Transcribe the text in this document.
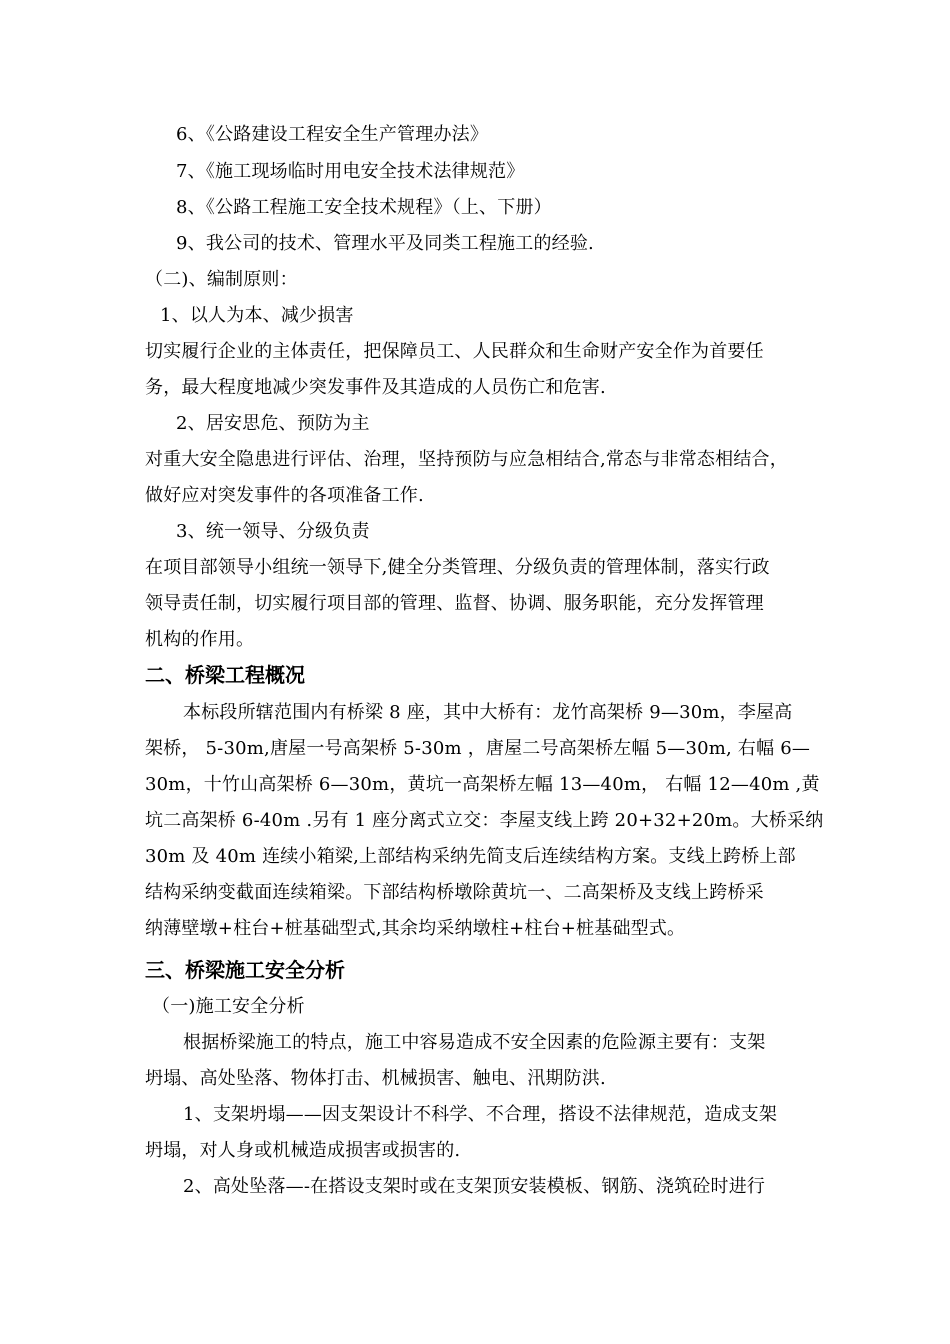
6、《公路建设工程安全生产管理办法》
7、《施工现场临时用电安全技术法律规范》
8、《公路工程施工安全技术规程》（上、下册）
9、我公司的技术、管理水平及同类工程施工的经验.
（二)、编制原则：
1、以人为本、减少损害
切实履行企业的主体责任，把保障员工、人民群众和生命财产安全作为首要任
务，最大程度地减少突发事件及其造成的人员伤亡和危害.
2、居安思危、预防为主
对重大安全隐患进行评估、治理，坚持预防与应急相结合,常态与非常态相结合，
做好应对突发事件的各项准备工作.
3、统一领导、分级负责
在项目部领导小组统一领导下,健全分类管理、分级负责的管理体制，落实行政
领导责任制，切实履行项目部的管理、监督、协调、服务职能，充分发挥管理
机构的作用。
二、桥梁工程概况
本标段所辖范围内有桥梁 8 座，其中大桥有：龙竹高架桥 9—30m，李屋高
架桥， 5-30m,唐屋一号高架桥 5-30m ，唐屋二号高架桥左幅 5—30m, 右幅 6—
30m，十竹山高架桥 6—30m，黄坑一高架桥左幅 13—40m， 右幅 12—40m ,黄
坑二高架桥 6-40m .另有 1 座分离式立交：李屋支线上跨 20+32+20m。大桥采纳
30m 及 40m 连续小箱梁,上部结构采纳先简支后连续结构方案。支线上跨桥上部
结构采纳变截面连续箱梁。下部结构桥墩除黄坑一、二高架桥及支线上跨桥采
纳薄壁墩+柱台+桩基础型式,其余均采纳墩柱+柱台+桩基础型式。
三、桥梁施工安全分析
（一)施工安全分析
根据桥梁施工的特点，施工中容易造成不安全因素的危险源主要有：支架
坍塌、高处坠落、物体打击、机械损害、触电、汛期防洪.
1、支架坍塌——因支架设计不科学、不合理，搭设不法律规范，造成支架
坍塌，对人身或机械造成损害或损害的.
2、高处坠落—-在搭设支架时或在支架顶安装模板、钢筋、浇筑砼时进行
